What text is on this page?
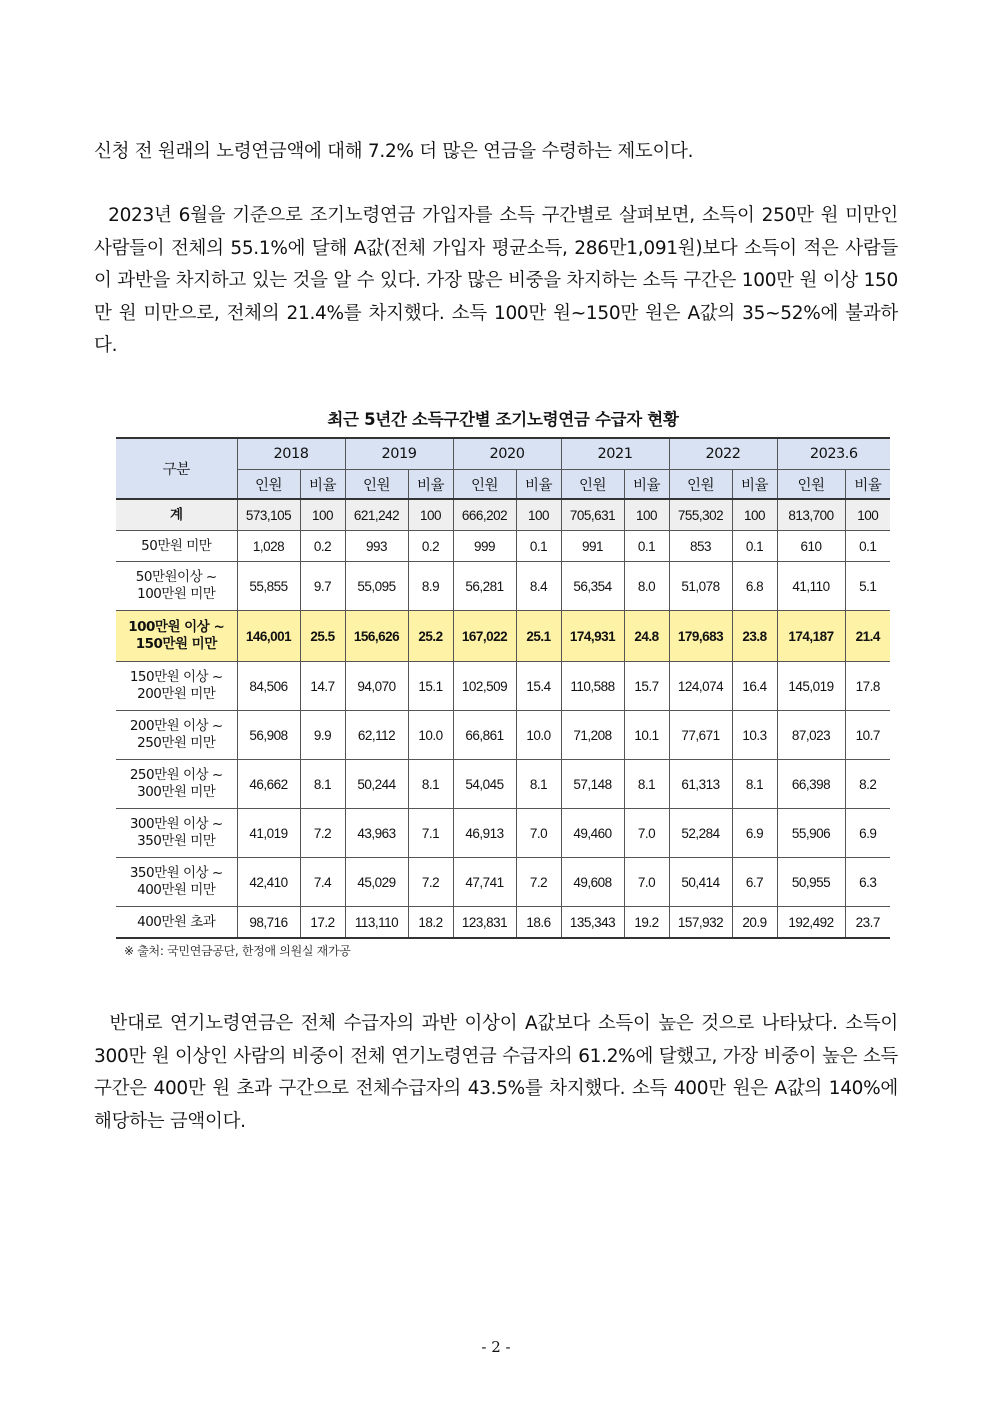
신청 전 원래의 노령연금액에 대해 7.2% 더 많은 연금을 수령하는 제도이다.

2023년 6월을 기준으로 조기노령연금 가입자를 소득 구간별로 살펴보면, 소득이 250만 원 미만인 사람들이 전체의 55.1%에 달해 A값(전체 가입자 평균소득, 286만1,091원)보다 소득이 적은 사람들이 과반을 차지하고 있는 것을 알 수 있다. 가장 많은 비중을 차지하는 소득 구간은 100만 원 이상 150만 원 미만으로, 전체의 21.4%를 차지했다. 소득 100만 원~150만 원은 A값의 35~52%에 불과하다.

최근 5년간 소득구간별 조기노령연금 수급자 현황
구분	2018		2019		2020		2021		2022		2023.6	
	인원	비율	인원	비율	인원	비율	인원	비율	인원	비율	인원	비율
계	573,105	100	621,242	100	666,202	100	705,631	100	755,302	100	813,700	100
50만원 미만	1,028	0.2	993	0.2	999	0.1	991	0.1	853	0.1	610	0.1
50만원이상 ~
100만원 미만	55,855	9.7	55,095	8.9	56,281	8.4	56,354	8.0	51,078	6.8	41,110	5.1
100만원 이상 ~
150만원 미만	146,001	25.5	156,626	25.2	167,022	25.1	174,931	24.8	179,683	23.8	174,187	21.4
150만원 이상 ~
200만원 미만	84,506	14.7	94,070	15.1	102,509	15.4	110,588	15.7	124,074	16.4	145,019	17.8
200만원 이상 ~
250만원 미만	56,908	9.9	62,112	10.0	66,861	10.0	71,208	10.1	77,671	10.3	87,023	10.7
250만원 이상 ~
300만원 미만	46,662	8.1	50,244	8.1	54,045	8.1	57,148	8.1	61,313	8.1	66,398	8.2
300만원 이상 ~
350만원 미만	41,019	7.2	43,963	7.1	46,913	7.0	49,460	7.0	52,284	6.9	55,906	6.9
350만원 이상 ~
400만원 미만	42,410	7.4	45,029	7.2	47,741	7.2	49,608	7.0	50,414	6.7	50,955	6.3
400만원 초과	98,716	17.2	113,110	18.2	123,831	18.6	135,343	19.2	157,932	20.9	192,492	23.7
※ 출처: 국민연금공단, 한정애 의원실 재가공

반대로 연기노령연금은 전체 수급자의 과반 이상이 A값보다 소득이 높은 것으로 나타났다. 소득이 300만 원 이상인 사람의 비중이 전체 연기노령연금 수급자의 61.2%에 달했고, 가장 비중이 높은 소득 구간은 400만 원 초과 구간으로 전체수급자의 43.5%를 차지했다. 소득 400만 원은 A값의 140%에 해당하는 금액이다.

- 2 -
